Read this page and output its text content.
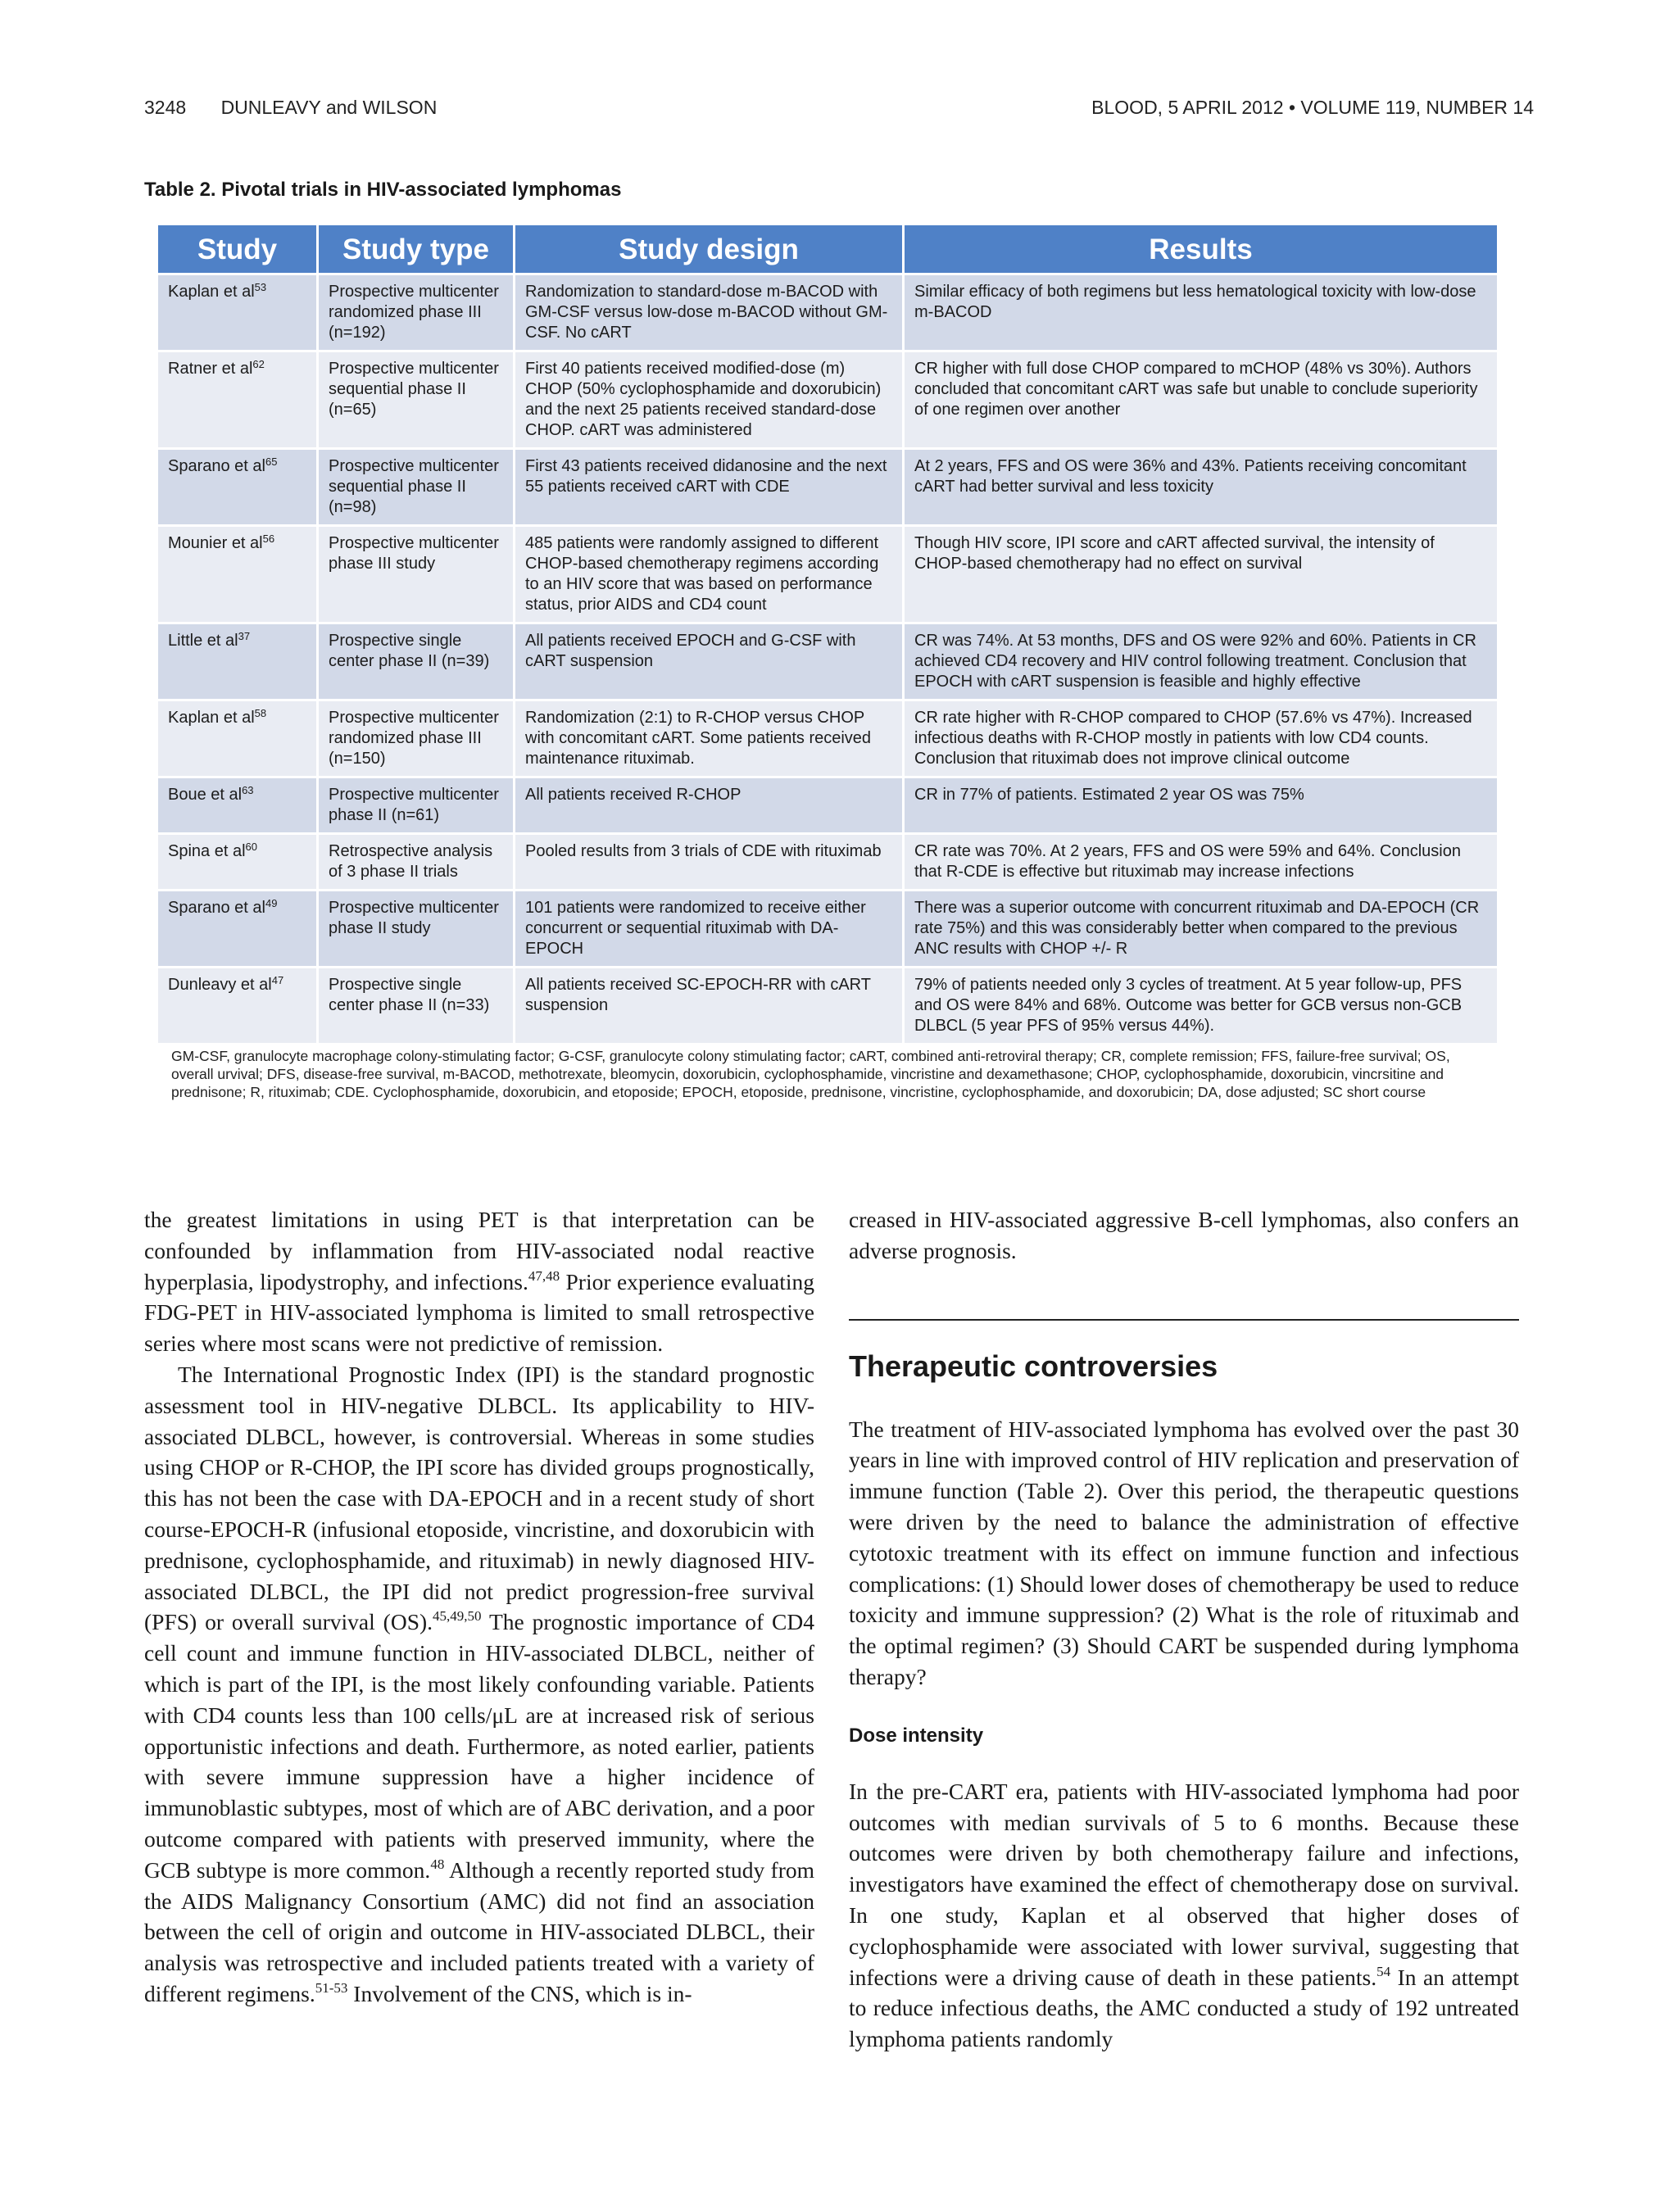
3248 DUNLEAVY and WILSON	BLOOD, 5 APRIL 2012 • VOLUME 119, NUMBER 14
Table 2. Pivotal trials in HIV-associated lymphomas
Study	Study type	Study design	Results
Kaplan et al$^{53}$	Prospective multicenter randomized phase III (n=192)	Randomization to standard-dose m-BACOD with GM-CSF versus low-dose m-BACOD without GM-CSF. No cART	Similar efficacy of both regimens but less hematological toxicity with low-dose m-BACOD
Ratner et al$^{62}$	Prospective multicenter sequential phase II (n=65)	First 40 patients received modified-dose (m) CHOP (50% cyclophosphamide and doxorubicin) and the next 25 patients received standard-dose CHOP. cART was administered	CR higher with full dose CHOP compared to mCHOP (48% vs 30%). Authors concluded that concomitant cART was safe but unable to conclude superiority of one regimen over another
Sparano et al$^{65}$	Prospective multicenter sequential phase II (n=98)	First 43 patients received didanosine and the next 55 patients received cART with CDE	At 2 years, FFS and OS were 36% and 43%. Patients receiving concomitant cART had better survival and less toxicity
Mounier et al$^{56}$	Prospective multicenter phase III study	485 patients were randomly assigned to different CHOP-based chemotherapy regimens according to an HIV score that was based on performance status, prior AIDS and CD4 count	Though HIV score, IPI score and cART affected survival, the intensity of CHOP-based chemotherapy had no effect on survival
Little et al$^{37}$	Prospective single center phase II (n=39)	All patients received EPOCH and G-CSF with cART suspension	CR was 74%. At 53 months, DFS and OS were 92% and 60%. Patients in CR achieved CD4 recovery and HIV control following treatment. Conclusion that EPOCH with cART suspension is feasible and highly effective
Kaplan et al$^{58}$	Prospective multicenter randomized phase III (n=150)	Randomization (2:1) to R-CHOP versus CHOP with concomitant cART. Some patients received maintenance rituximab.	CR rate higher with R-CHOP compared to CHOP (57.6% vs 47%). Increased infectious deaths with R-CHOP mostly in patients with low CD4 counts. Conclusion that rituximab does not improve clinical outcome
Boue et al$^{63}$	Prospective multicenter phase II (n=61)	All patients received R-CHOP	CR in 77% of patients. Estimated 2 year OS was 75%
Spina et al$^{60}$	Retrospective analysis of 3 phase II trials	Pooled results from 3 trials of CDE with rituximab	CR rate was 70%. At 2 years, FFS and OS were 59% and 64%. Conclusion that R-CDE is effective but rituximab may increase infections
Sparano et al$^{49}$	Prospective multicenter phase II study	101 patients were randomized to receive either concurrent or sequential rituximab with DA-EPOCH	There was a superior outcome with concurrent rituximab and DA-EPOCH (CR rate 75%) and this was considerably better when compared to the previous ANC results with CHOP +/- R
Dunleavy et al$^{47}$	Prospective single center phase II (n=33)	All patients received SC-EPOCH-RR with cART suspension	79% of patients needed only 3 cycles of treatment. At 5 year follow-up, PFS and OS were 84% and 68%. Outcome was better for GCB versus non-GCB DLBCL (5 year PFS of 95% versus 44%).
GM-CSF, granulocyte macrophage colony-stimulating factor; G-CSF, granulocyte colony stimulating factor; cART, combined anti-retroviral therapy; CR, complete remission; FFS, failure-free survival; OS, overall urvival; DFS, disease-free survival, m-BACOD, methotrexate, bleomycin, doxorubicin, cyclophosphamide, vincristine and dexamethasone; CHOP, cyclophosphamide, doxorubicin, vincrsitine and prednisone; R, rituximab; CDE. Cyclophosphamide, doxorubicin, and etoposide; EPOCH, etoposide, prednisone, vincristine, cyclophosphamide, and doxorubicin; DA, dose adjusted; SC short course

the greatest limitations in using PET is that interpretation can be confounded by inflammation from HIV-associated nodal reactive hyperplasia, lipodystrophy, and infections.$^{47,48}$ Prior experience evaluating FDG-PET in HIV-associated lymphoma is limited to small retrospective series where most scans were not predictive of remission.

The International Prognostic Index (IPI) is the standard prognostic assessment tool in HIV-negative DLBCL. Its applicability to HIV-associated DLBCL, however, is controversial. Whereas in some studies using CHOP or R-CHOP, the IPI score has divided groups prognostically, this has not been the case with DA-EPOCH and in a recent study of short course-EPOCH-R (infusional etoposide, vincristine, and doxorubicin with prednisone, cyclophosphamide, and rituximab) in newly diagnosed HIV-associated DLBCL, the IPI did not predict progression-free survival (PFS) or overall survival (OS).$^{45,49,50}$ The prognostic importance of CD4 cell count and immune function in HIV-associated DLBCL, neither of which is part of the IPI, is the most likely confounding variable. Patients with CD4 counts less than 100 cells/μL are at increased risk of serious opportunistic infections and death. Furthermore, as noted earlier, patients with severe immune suppression have a higher incidence of immunoblastic subtypes, most of which are of ABC derivation, and a poor outcome compared with patients with preserved immunity, where the GCB subtype is more common.$^{48}$ Although a recently reported study from the AIDS Malignancy Consortium (AMC) did not find an association between the cell of origin and outcome in HIV-associated DLBCL, their analysis was retrospective and included patients treated with a variety of different regimens.$^{51-53}$ Involvement of the CNS, which is in-

creased in HIV-associated aggressive B-cell lymphomas, also confers an adverse prognosis.

Therapeutic controversies

The treatment of HIV-associated lymphoma has evolved over the past 30 years in line with improved control of HIV replication and preservation of immune function (Table 2). Over this period, the therapeutic questions were driven by the need to balance the administration of effective cytotoxic treatment with its effect on immune function and infectious complications: (1) Should lower doses of chemotherapy be used to reduce toxicity and immune suppression? (2) What is the role of rituximab and the optimal regimen? (3) Should CART be suspended during lymphoma therapy?

Dose intensity

In the pre-CART era, patients with HIV-associated lymphoma had poor outcomes with median survivals of 5 to 6 months. Because these outcomes were driven by both chemotherapy failure and infections, investigators have examined the effect of chemotherapy dose on survival. In one study, Kaplan et al observed that higher doses of cyclophosphamide were associated with lower survival, suggesting that infections were a driving cause of death in these patients.$^{54}$ In an attempt to reduce infectious deaths, the AMC conducted a study of 192 untreated lymphoma patients randomly
